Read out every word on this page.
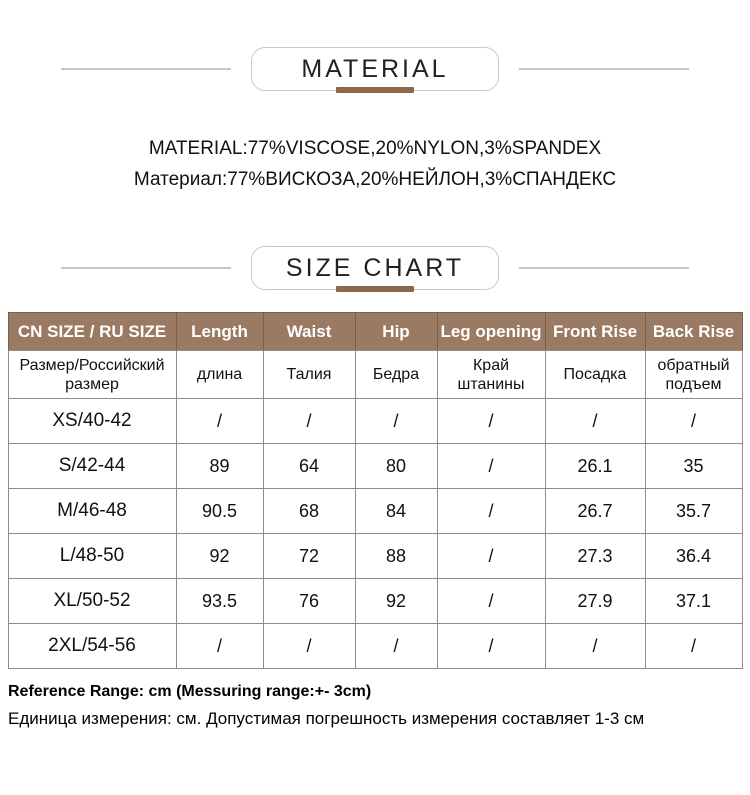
MATERIAL
MATERIAL:77%VISCOSE,20%NYLON,3%SPANDEX
Материал:77%ВИСКОЗА,20%НЕЙЛОН,3%СПАНДЕКС
SIZE CHART
CN SIZE / RU SIZE	Length	Waist	Hip	Leg opening	Front Rise	Back Rise
Размер/Российский размер	длина	Талия	Бедра	Край штанины	Посадка	обратный подъем
XS/40-42	/	/	/	/	/	/
S/42-44	89	64	80	/	26.1	35
M/46-48	90.5	68	84	/	26.7	35.7
L/48-50	92	72	88	/	27.3	36.4
XL/50-52	93.5	76	92	/	27.9	37.1
2XL/54-56	/	/	/	/	/	/
Reference Range: cm (Messuring range:+- 3cm)
Единица измерения: см. Допустимая погрешность измерения составляет 1-3 см
